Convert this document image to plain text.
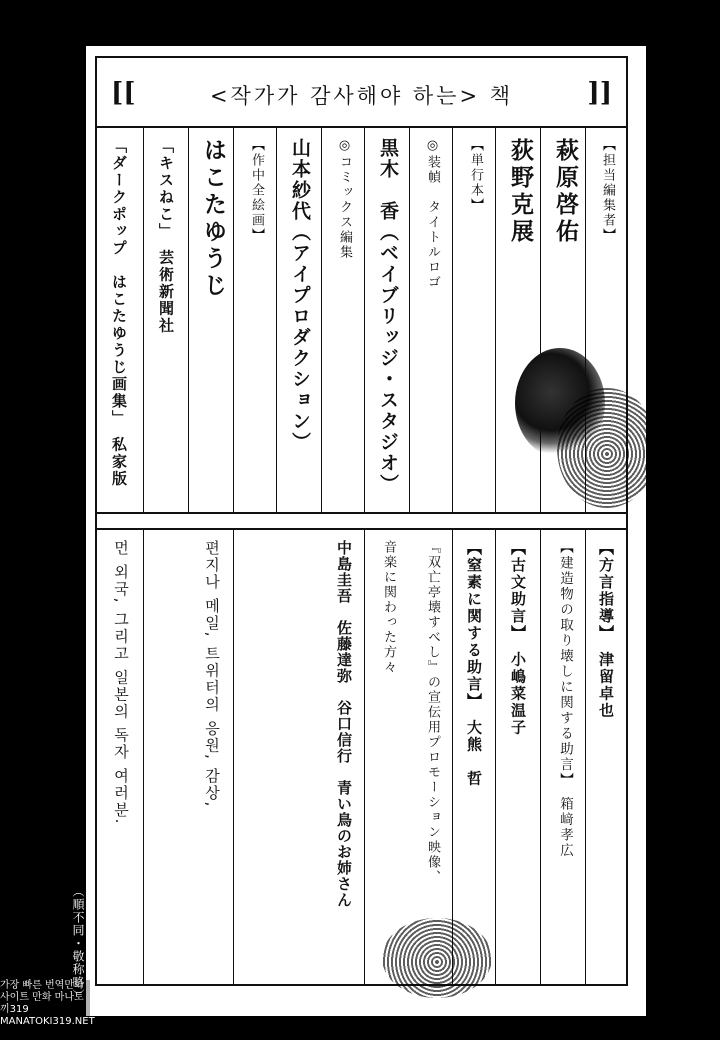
[[	<작가가 감사해야 하는> 책	]]
【担当編集者】
萩原啓佑
荻野克展
【単行本】
◎装幀　タイトルロゴ
黒木　香（ベイブリッジ・スタジオ）
◎コミックス編集
山本紗代（アイプロダクション）
【作中全絵画】
はこたゆうじ
「キスねこ」　芸術新聞社
「ダークポップ　はこたゆうじ画集」　私家版
【方言指導】　津留卓也
【建造物の取り壊しに関する助言】　箱﨑孝広
【古文助言】　小嶋菜温子
【窒素に関する助言】　大熊　哲
『双亡亭壊すべし』の宣伝用プロモーション映像、
音楽に関わった方々
中島圭吾　佐藤達弥　谷口信行　青い鳥のお姉さん
편지나 메일, 트위터의 응원, 감상,
먼 외국, 그리고 일본의 독자 여러분.
（順不同・敬称略）
가장 빠른 번역만화사이트 만화 마나토끼319 MANATOKI319.NET
